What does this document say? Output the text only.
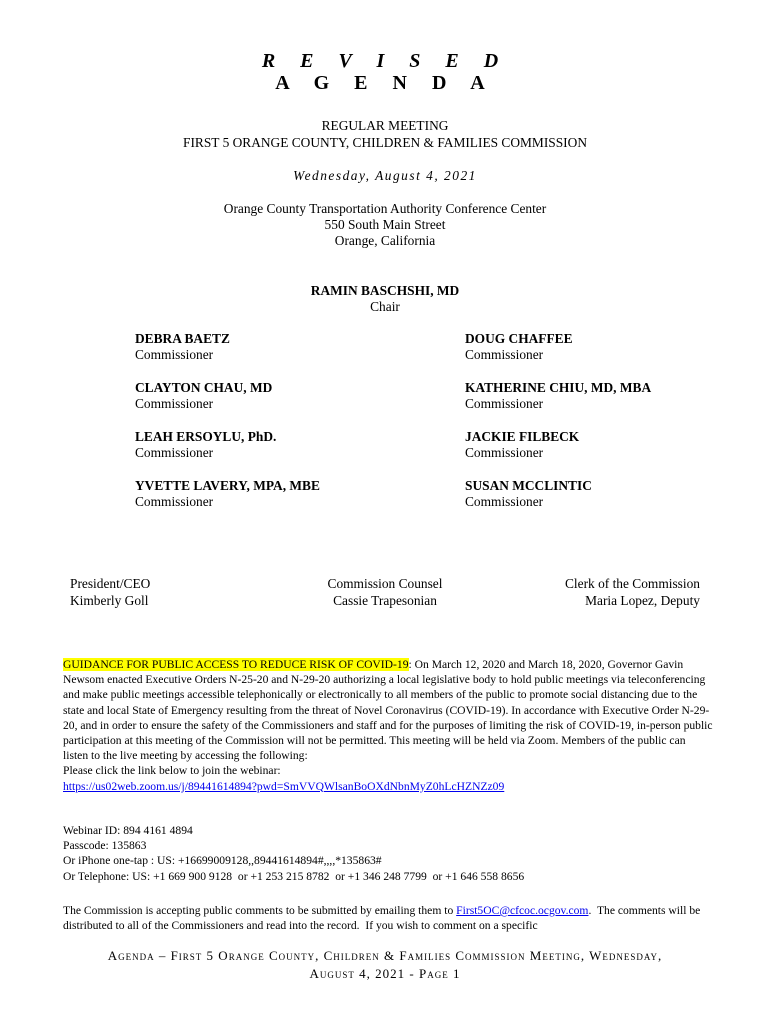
R E V I S E D
A G E N D A
REGULAR MEETING
FIRST 5 ORANGE COUNTY, CHILDREN & FAMILIES COMMISSION
Wednesday, August 4, 2021
Orange County Transportation Authority Conference Center
550 South Main Street
Orange, California
RAMIN BASCHSHI, MD
Chair
DEBRA BAETZ
Commissioner
DOUG CHAFFEE
Commissioner
CLAYTON CHAU, MD
Commissioner
KATHERINE CHIU, MD, MBA
Commissioner
LEAH ERSOYLU, PhD.
Commissioner
JACKIE FILBECK
Commissioner
YVETTE LAVERY, MPA, MBE
Commissioner
SUSAN MCCLINTIC
Commissioner
President/CEO
Kimberly Goll
Commission Counsel
Cassie Trapesonian
Clerk of the Commission
Maria Lopez, Deputy
GUIDANCE FOR PUBLIC ACCESS TO REDUCE RISK OF COVID-19: On March 12, 2020 and March 18, 2020, Governor Gavin Newsom enacted Executive Orders N-25-20 and N-29-20 authorizing a local legislative body to hold public meetings via teleconferencing and make public meetings accessible telephonically or electronically to all members of the public to promote social distancing due to the state and local State of Emergency resulting from the threat of Novel Coronavirus (COVID-19). In accordance with Executive Order N-29-20, and in order to ensure the safety of the Commissioners and staff and for the purposes of limiting the risk of COVID-19, in-person public participation at this meeting of the Commission will not be permitted. This meeting will be held via Zoom. Members of the public can listen to the live meeting by accessing the following:
Please click the link below to join the webinar:
https://us02web.zoom.us/j/89441614894?pwd=SmVVQWlsanBoOXdNbnMyZ0hLcHZNZz09
Webinar ID: 894 4161 4894
Passcode: 135863
Or iPhone one-tap : US: +16699009128,,89441614894#,,,,*135863#
Or Telephone: US: +1 669 900 9128  or +1 253 215 8782  or +1 346 248 7799  or +1 646 558 8656
The Commission is accepting public comments to be submitted by emailing them to First5OC@cfcoc.ocgov.com.  The comments will be distributed to all of the Commissioners and read into the record.  If you wish to comment on a specific
Agenda – First 5 Orange County, Children & Families Commission Meeting, Wednesday,
August 4, 2021 - Page 1
